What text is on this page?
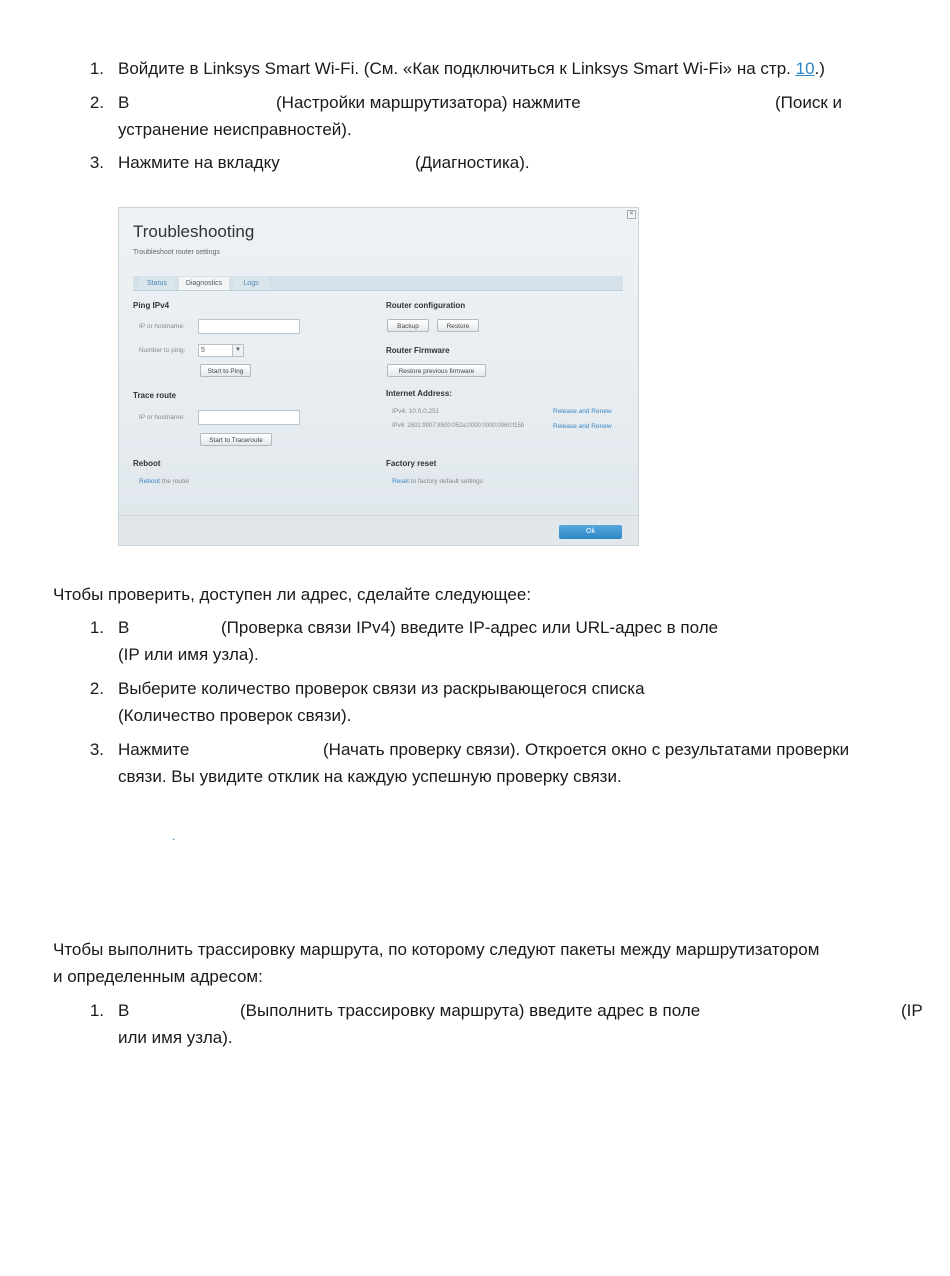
1. Войдите в Linksys Smart Wi-Fi. (См. «Как подключиться к Linksys Smart Wi-Fi» на стр. 10.)
2. В	(Настройки маршрутизатора) нажмите	(Поиск и
устранение неисправностей).
3. Нажмите на вкладку	(Диагностика).
✕
Troubleshooting
Troubleshoot router settings
Status	Diagnostics	Logs
Ping IPv4
IP or hostname:
Number to ping:	5	▼
Start to Ping
Trace route
IP or hostname:
Start to Traceroute
Reboot
Reboot the router
Router configuration
Backup	Restore
Router Firmware
Restore previous firmware
Internet Address:
IPv4: 10.0.0.251	Release and Renew
IPv6: 2601:9007:8500:052a:0000:0000:0060:f15b	Release and Renew
Factory reset
Reset to factory default settings
Ok
Чтобы проверить, доступен ли адрес, сделайте следующее:
1. В	(Проверка связи IPv4) введите IP-адрес или URL-адрес в поле
(IP или имя узла).
2. Выберите количество проверок связи из раскрывающегося списка
(Количество проверок связи).
3. Нажмите	(Начать проверку связи). Откроется окно с результатами проверки
связи. Вы увидите отклик на каждую успешную проверку связи.
.
Чтобы выполнить трассировку маршрута, по которому следуют пакеты между маршрутизатором
и определенным адресом:
1. В	(Выполнить трассировку маршрута) введите адрес в поле	(IP
или имя узла).
